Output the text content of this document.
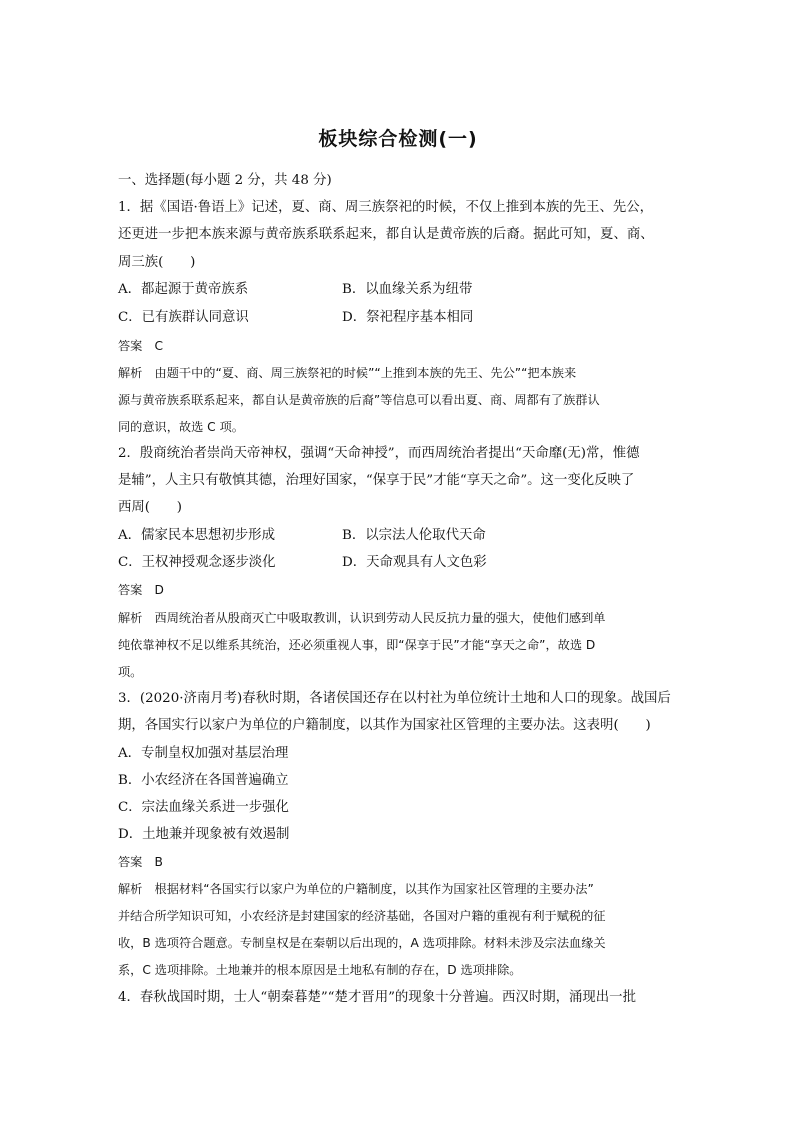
板块综合检测(一)
一、选择题(每小题 2 分，共 48 分)
1．据《国语·鲁语上》记述，夏、商、周三族祭祀的时候，不仅上推到本族的先王、先公，
还更进一步把本族来源与黄帝族系联系起来，都自认是黄帝族的后裔。据此可知，夏、商、
周三族(　　)
A．都起源于黄帝族系	B．以血缘关系为纽带
C．已有族群认同意识	D．祭祀程序基本相同
答案　C
解析　由题干中的“夏、商、周三族祭祀的时候”“上推到本族的先王、先公”“把本族来
源与黄帝族系联系起来，都自认是黄帝族的后裔”等信息可以看出夏、商、周都有了族群认
同的意识，故选 C 项。
2．殷商统治者崇尚天帝神权，强调“天命神授”，而西周统治者提出“天命靡(无)常，惟德
是辅”，人主只有敬慎其德，治理好国家，“保享于民”才能“享天之命”。这一变化反映了
西周(　　)
A．儒家民本思想初步形成	B．以宗法人伦取代天命
C．王权神授观念逐步淡化	D．天命观具有人文色彩
答案　D
解析　西周统治者从殷商灭亡中吸取教训，认识到劳动人民反抗力量的强大，使他们感到单
纯依靠神权不足以维系其统治，还必须重视人事，即“保享于民”才能“享天之命”，故选 D
项。
3．(2020·济南月考)春秋时期，各诸侯国还存在以村社为单位统计土地和人口的现象。战国后
期，各国实行以家户为单位的户籍制度，以其作为国家社区管理的主要办法。这表明(　　)
A．专制皇权加强对基层治理
B．小农经济在各国普遍确立
C．宗法血缘关系进一步强化
D．土地兼并现象被有效遏制
答案　B
解析　根据材料“各国实行以家户为单位的户籍制度，以其作为国家社区管理的主要办法”
并结合所学知识可知，小农经济是封建国家的经济基础，各国对户籍的重视有利于赋税的征
收，B 选项符合题意。专制皇权是在秦朝以后出现的，A 选项排除。材料未涉及宗法血缘关
系，C 选项排除。土地兼并的根本原因是土地私有制的存在，D 选项排除。
4．春秋战国时期，士人“朝秦暮楚”“楚才晋用”的现象十分普遍。西汉时期，涌现出一批
